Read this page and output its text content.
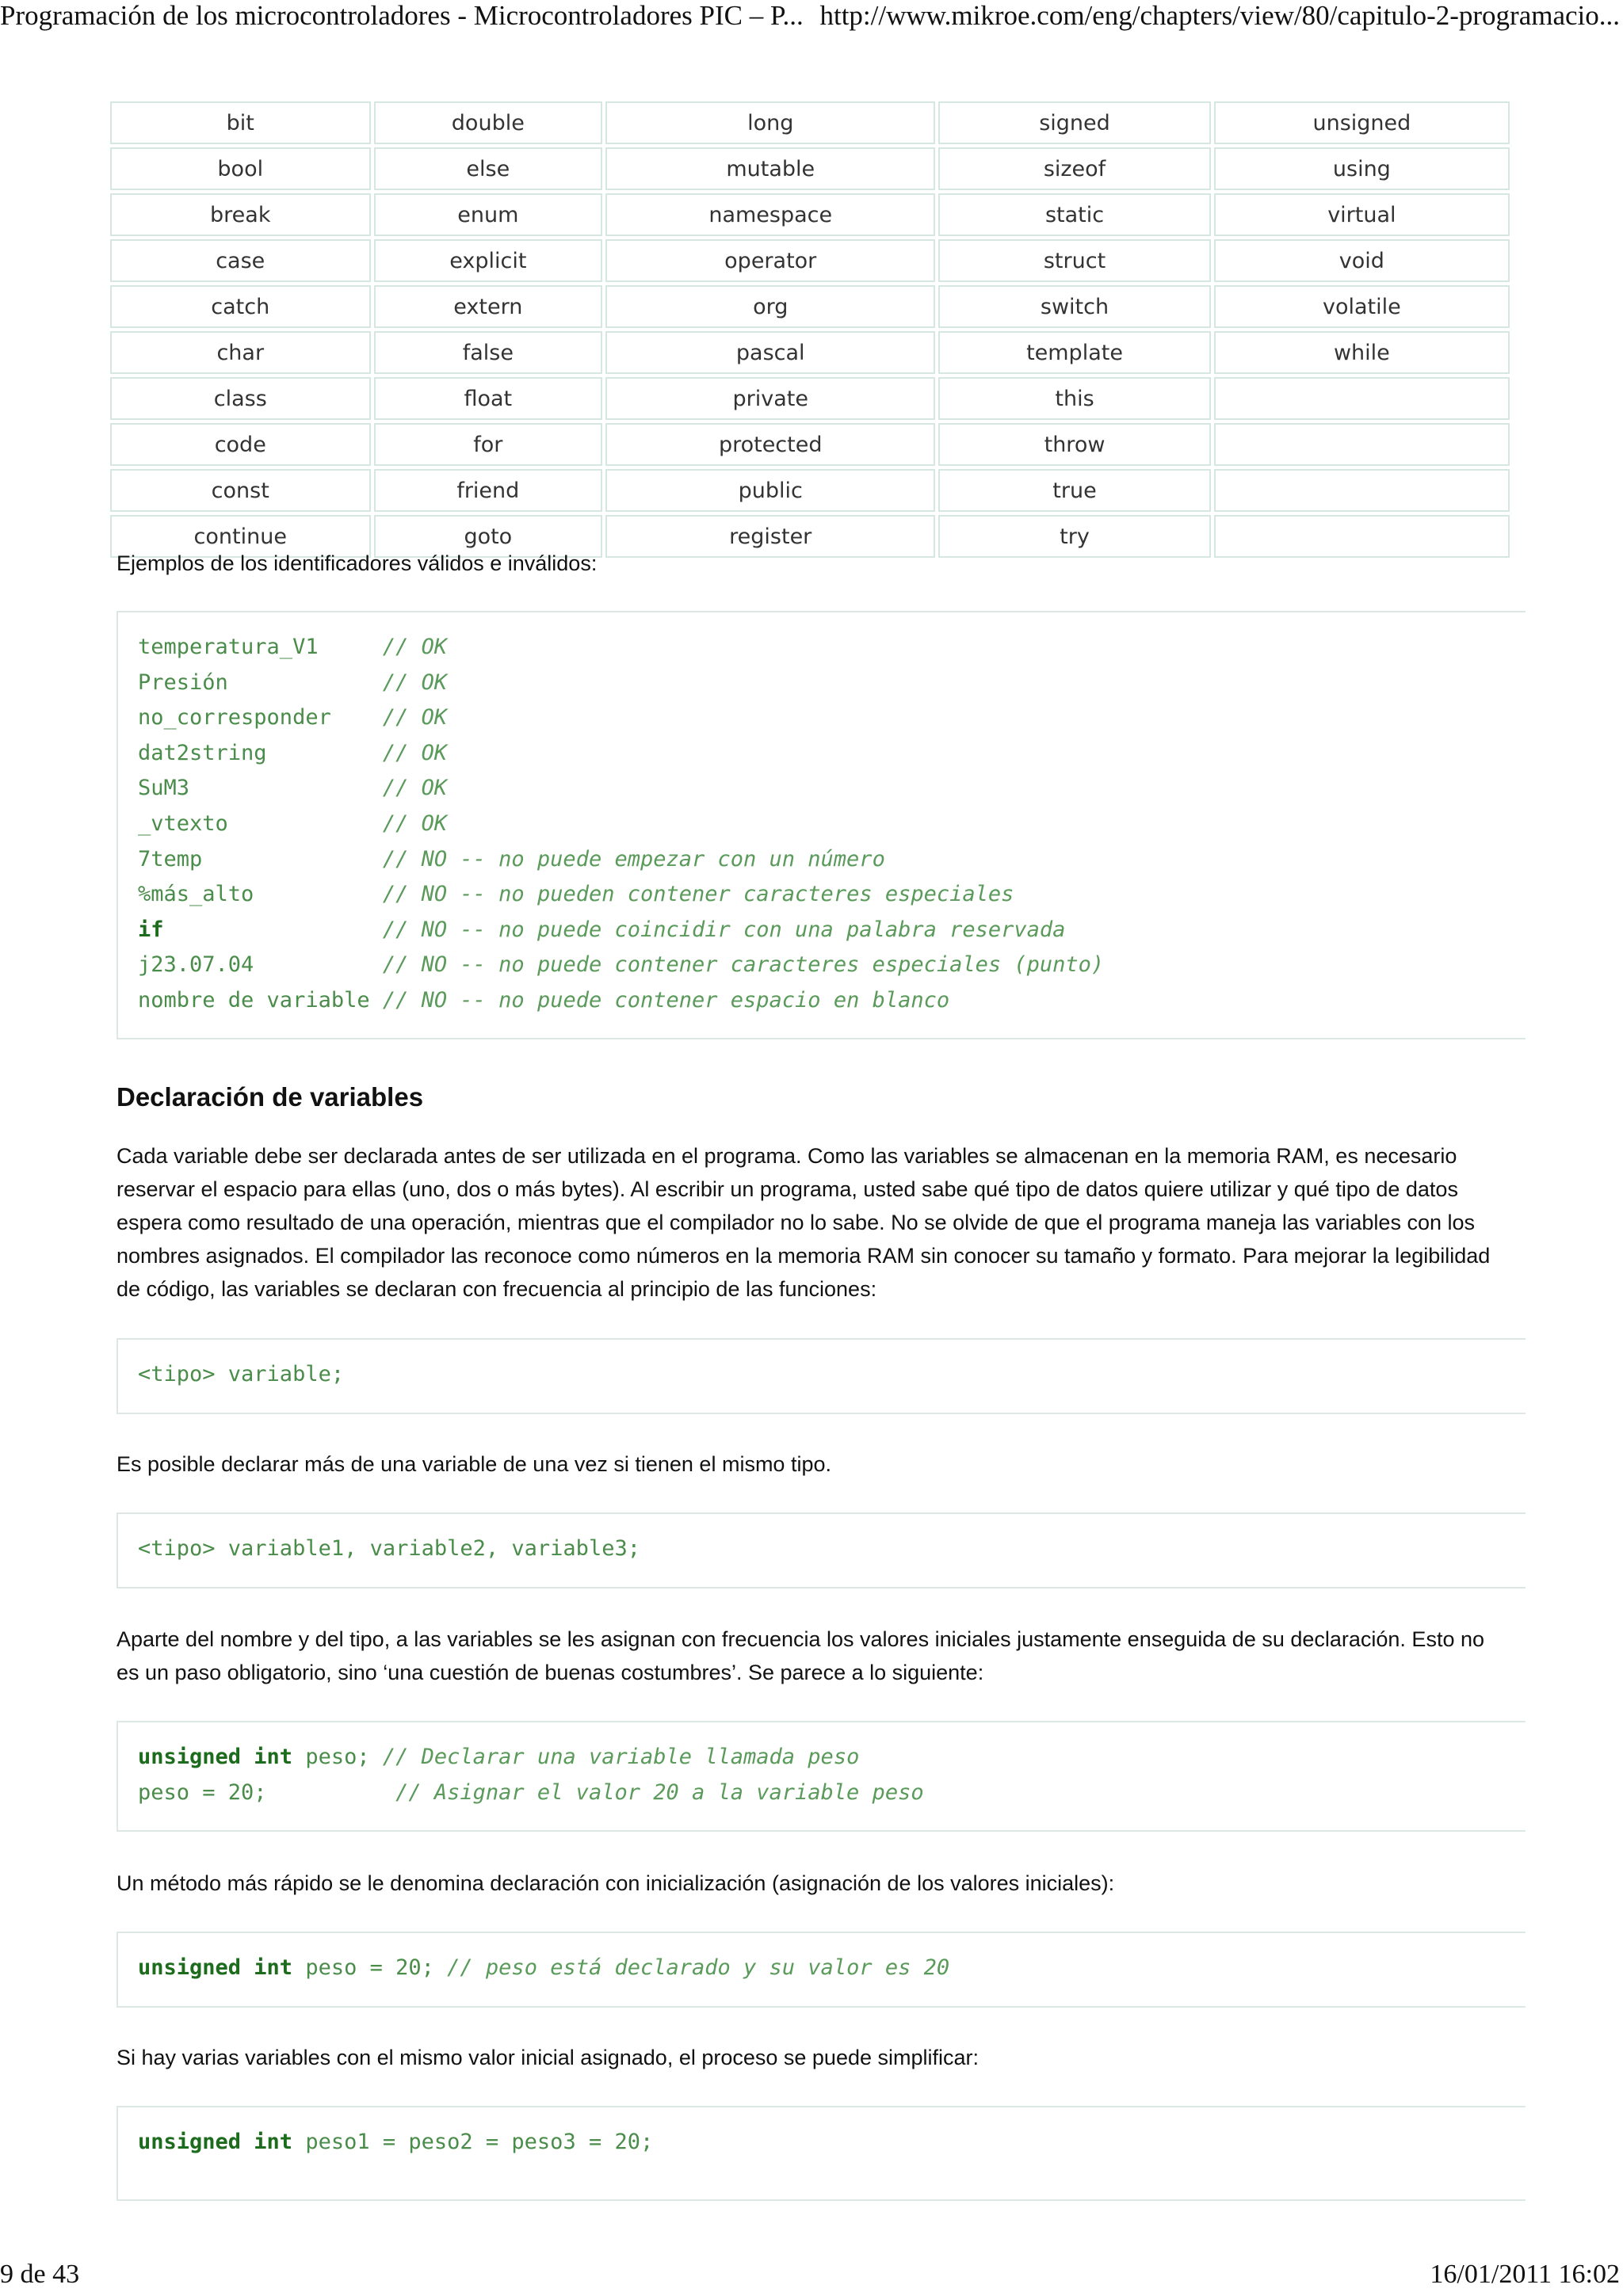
Programación de los microcontroladores - Microcontroladores PIC – P... http://www.mikroe.com/eng/chapters/view/80/capitulo-2-programacio...
bit	double	long	signed	unsigned
bool	else	mutable	sizeof	using
break	enum	namespace	static	virtual
case	explicit	operator	struct	void
catch	extern	org	switch	volatile
char	false	pascal	template	while
class	float	private	this	
code	for	protected	throw	
const	friend	public	true	
continue	goto	register	try	

Ejemplos de los identificadores válidos e inválidos:

temperatura_V1	// OK
Presión	// OK
no_corresponder // OK
dat2string	// OK
SuM3	// OK
_vtexto	// OK
7temp	// NO -- no puede empezar con un número
%más_alto	// NO -- no pueden contener caracteres especiales
if	// NO -- no puede coincidir con una palabra reservada
j23.07.04	// NO -- no puede contener caracteres especiales (punto)
nombre de variable // NO -- no puede contener espacio en blanco
Declaración de variables

Cada variable debe ser declarada antes de ser utilizada en el programa. Como las variables se almacenan en la memoria RAM, es necesario reservar el espacio para ellas (uno, dos o más bytes). Al escribir un programa, usted sabe qué tipo de datos quiere utilizar y qué tipo de datos espera como resultado de una operación, mientras que el compilador no lo sabe. No se olvide de que el programa maneja las variables con los nombres asignados. El compilador las reconoce como números en la memoria RAM sin conocer su tamaño y formato. Para mejorar la legibilidad de código, las variables se declaran con frecuencia al principio de las funciones:

<tipo> variable;

Es posible declarar más de una variable de una vez si tienen el mismo tipo.

<tipo> variable1, variable2, variable3;

Aparte del nombre y del tipo, a las variables se les asignan con frecuencia los valores iniciales justamente enseguida de su declaración. Esto no es un paso obligatorio, sino ‘una cuestión de buenas costumbres’. Se parece a lo siguiente:

unsigned int peso; // Declarar una variable llamada peso
peso = 20;          // Asignar el valor 20 a la variable peso

Un método más rápido se le denomina declaración con inicialización (asignación de los valores iniciales):

unsigned int peso = 20; // peso está declarado y su valor es 20

Si hay varias variables con el mismo valor inicial asignado, el proceso se puede simplificar:

unsigned int peso1 = peso2 = peso3 = 20;
9 de 43	16/01/2011 16:02
